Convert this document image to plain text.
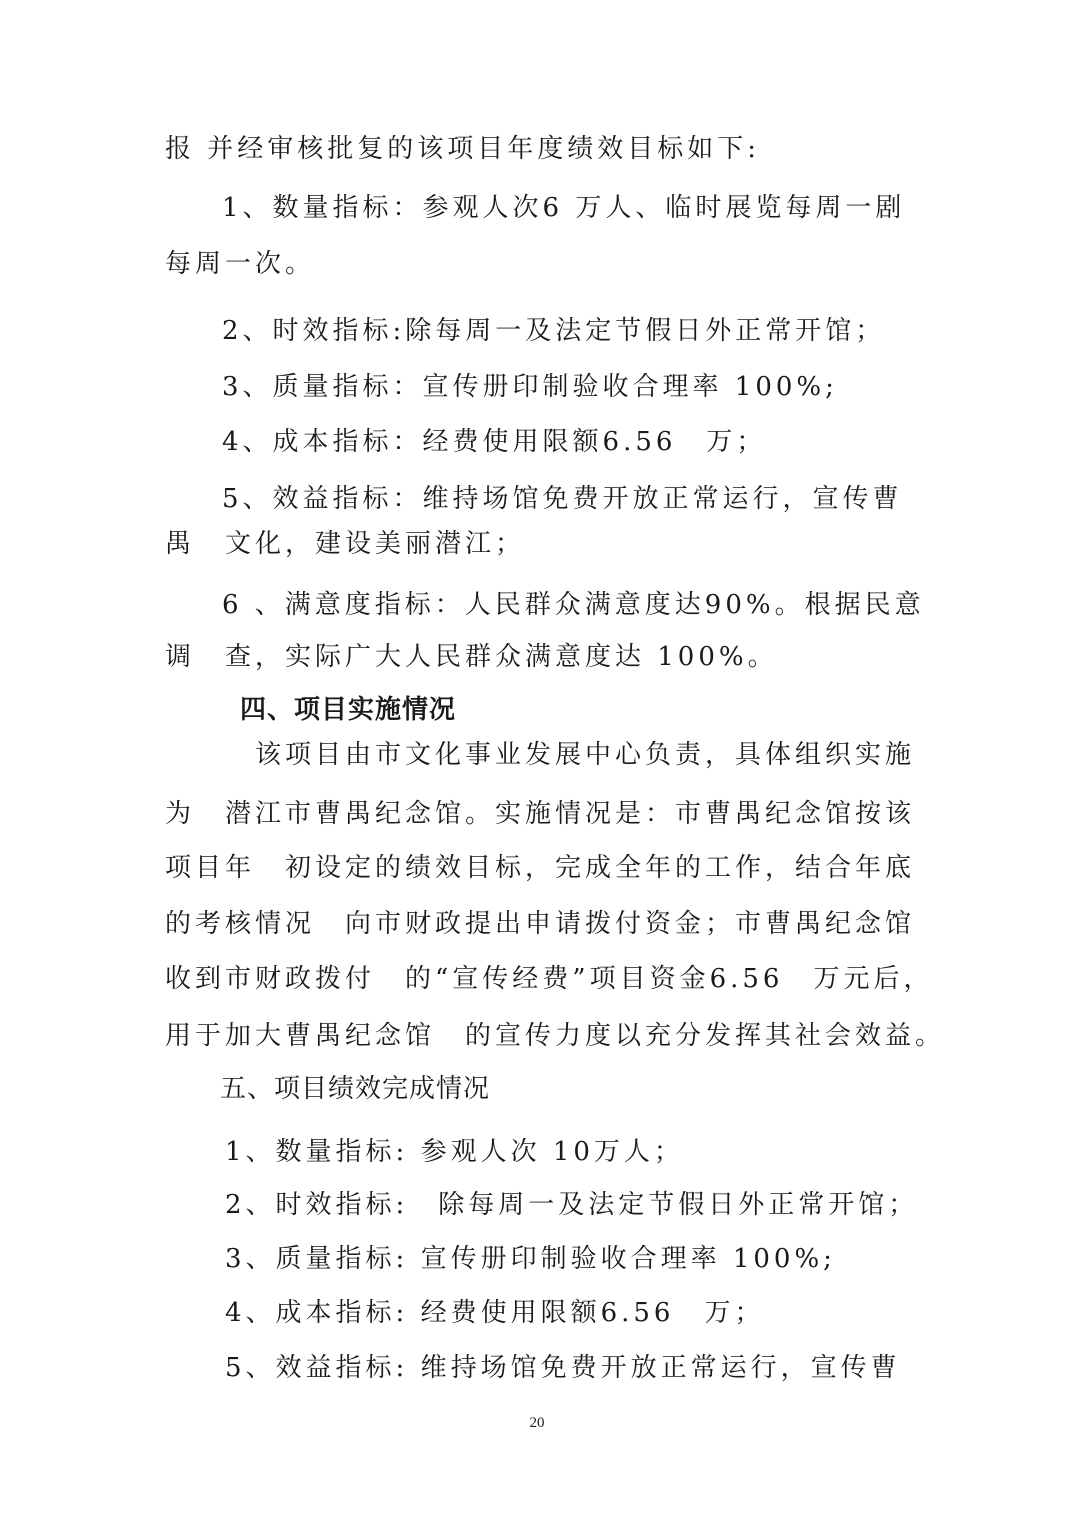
报 并经审核批复的该项目年度绩效目标如下:
1、数量指标：参观人次6 万人、临时展览每周一剧
每周一次。
2、时效指标:除每周一及法定节假日外正常开馆；
3、质量指标：宣传册印制验收合理率 100%;
4、成本指标：经费使用限额6.56　万；
5、效益指标：维持场馆免费开放正常运行，宣传曹
禺　文化，建设美丽潜江；
6 、满意度指标：人民群众满意度达90%。根据民意
调　查，实际广大人民群众满意度达 100%。
四、项目实施情况
该项目由市文化事业发展中心负责，具体组织实施
为　潜江市曹禺纪念馆。实施情况是：市曹禺纪念馆按该
项目年　初设定的绩效目标，完成全年的工作，结合年底
的考核情况　向市财政提出申请拨付资金；市曹禺纪念馆
收到市财政拨付　的“宣传经费”项目资金6.56　万元后，
用于加大曹禺纪念馆　的宣传力度以充分发挥其社会效益。
五、项目绩效完成情况
1、数量指标: 参观人次 10万人；
2、时效指标:　除每周一及法定节假日外正常开馆；
3、质量指标: 宣传册印制验收合理率 100%;
4、成本指标: 经费使用限额6.56　万；
5、效益指标: 维持场馆免费开放正常运行，宣传曹
20
